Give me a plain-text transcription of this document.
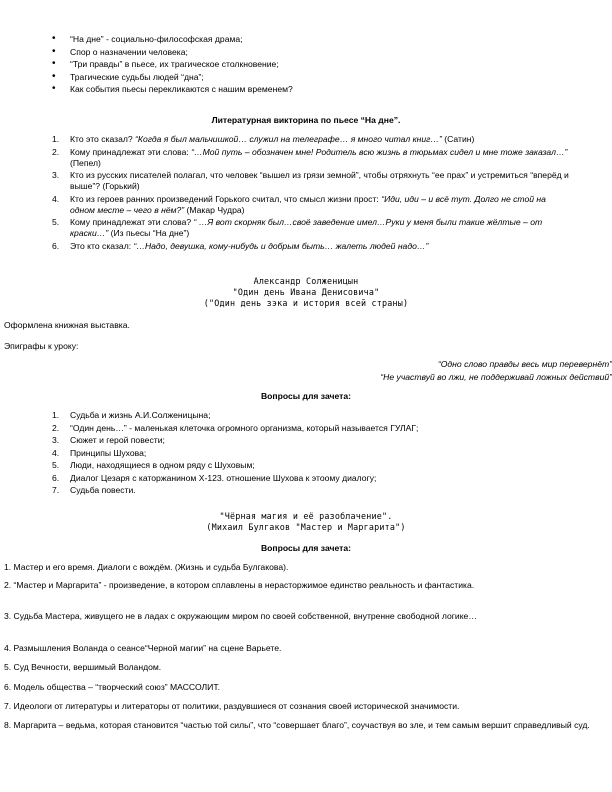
• “На дне” - социально-философская драма;
• Спор о назначении человека;
• “Три правды” в пьесе, их трагическое столкновение;
• Трагические судьбы людей “дна”;
• Как события пьесы перекликаются с нашим временем?
Литературная викторина по пьесе “На дне”.
1. Кто это сказал? “Когда я был мальчишкой… служил на телеграфе… я много читал книг…” (Сатин)
2. Кому принадлежат эти слова: “…Мой путь – обозначен мне! Родитель всю жизнь в тюрьмах сидел и мне тоже заказал…” (Пепел)
3. Кто из русских писателей полагал, что человек “вышел из грязи земной”, чтобы отряхнуть “ее прах” и устремиться “вперёд и выше”? (Горький)
4. Кто из героев ранних произведений Горького считал, что смысл жизни прост: “Иди, иди – и всё тут. Долго не стой на одном месте – чего в нём?” (Макар Чудра)
5. Кому принадлежат эти слова? “ …Я вот скорняк был…своё заведение имел…Руки у меня были такие жёлтые – от краски…” (Из пьесы “На дне”)
6. Это кто сказал: “…Надо, девушка, кому-нибудь и добрым быть… жалеть людей надо…”
Александр Солженицын
"Один день Ивана Денисовича"
("Один день зэка и история всей страны)
Оформлена книжная выставка.
Эпиграфы к уроку:
“Одно слово правды весь мир перевернёт”
“Не участвуй во лжи, не поддерживай ложных действий”
Вопросы для зачета:
1. Судьба и жизнь А.И.Солженицына;
2. “Один день…” - маленькая клеточка огромного организма, который называется ГУЛАГ;
3. Сюжет и герой повести;
4. Принципы Шухова;
5. Люди, находящиеся в одном ряду с Шуховым;
6. Диалог Цезаря с каторжанином Х-123. отношение Шухова к этоому диалогу;
7. Судьба повести.
"Чёрная магия и её разоблачение".
(Михаил Булгаков "Мастер и Маргарита")
Вопросы для зачета:
1. Мастер и его время. Диалоги с вождём. (Жизнь и судьба Булгакова).
2. “Мастер и Маргарита” - произведение, в котором сплавлены в нерасторжимое единство реальность и фантастика.
3. Судьба Мастера, живущего не в ладах с окружающим миром по своей собственной, внутренне свободной логике…
4. Размышления Воланда о сеансе“Черной магии” на сцене Варьете.
5. Суд Вечности, вершимый Воландом.
6. Модель общества – “творческий союз” МАССОЛИТ.
7. Идеологи от литературы и литераторы от политики, раздувшиеся от сознания своей исторической значимости.
8. Маргарита – ведьма, которая становится “частью той силы”, что “совершает благо”, соучаствуя во зле, и тем самым вершит справедливый суд.
